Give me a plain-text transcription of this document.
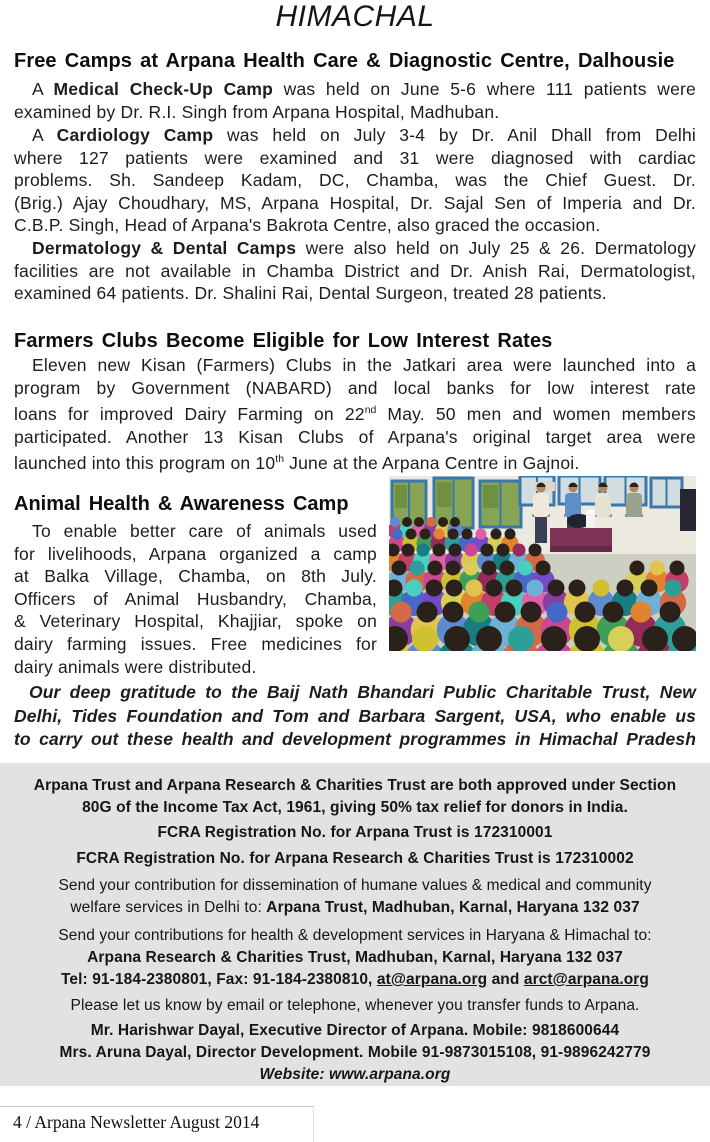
HIMACHAL
Free Camps at Arpana Health Care & Diagnostic Centre, Dalhousie
A Medical Check-Up Camp was held on June 5-6 where 111 patients were
examined by Dr. R.I. Singh from Arpana Hospital, Madhuban.
A Cardiology Camp was held on July 3-4 by Dr. Anil Dhall from Delhi
where 127 patients were examined and 31 were diagnosed with cardiac
problems. Sh. Sandeep Kadam, DC, Chamba, was the Chief Guest. Dr.
(Brig.) Ajay Choudhary, MS, Arpana Hospital, Dr. Sajal Sen of Imperia and Dr.
C.B.P. Singh, Head of Arpana's Bakrota Centre, also graced the occasion.
Dermatology & Dental Camps were also held on July 25 & 26. Dermatology
facilities are not available in Chamba District and Dr. Anish Rai, Dermatologist,
examined 64 patients. Dr. Shalini Rai, Dental Surgeon, treated 28 patients.
Farmers Clubs Become Eligible for Low Interest Rates
Eleven new Kisan (Farmers) Clubs in the Jatkari area were launched into a
program by Government (NABARD) and local banks for low interest rate
loans for improved Dairy Farming on 22nd May. 50 men and women members
participated. Another 13 Kisan Clubs of Arpana's original target area were
launched into this program on 10th June at the Arpana Centre in Gajnoi.
Animal Health & Awareness Camp
To enable better care of animals used
for livelihoods, Arpana organized a camp
at Balka Village, Chamba, on 8th July.
Officers of Animal Husbandry, Chamba,
& Veterinary Hospital, Khajjiar, spoke on
dairy farming issues. Free medicines for
dairy animals were distributed.
Our deep gratitude to the Baij Nath Bhandari Public Charitable Trust, New
Delhi, Tides Foundation and Tom and Barbara Sargent, USA, who enable us
to carry out these health and development programmes in Himachal Pradesh
Arpana Trust and Arpana Research & Charities Trust are both approved under Section
80G of the Income Tax Act, 1961, giving 50% tax relief for donors in India.
FCRA Registration No. for Arpana Trust is 172310001
FCRA Registration No. for Arpana Research & Charities Trust is 172310002
Send your contribution for dissemination of humane values & medical and community
welfare services in Delhi to: Arpana Trust, Madhuban, Karnal, Haryana 132 037
Send your contributions for health & development services in Haryana & Himachal to:
Arpana Research & Charities Trust, Madhuban, Karnal, Haryana 132 037
Tel: 91-184-2380801, Fax: 91-184-2380810, at@arpana.org and arct@arpana.org
Please let us know by email or telephone, whenever you transfer funds to Arpana.
Mr. Harishwar Dayal, Executive Director of Arpana. Mobile: 9818600644
Mrs. Aruna Dayal, Director Development. Mobile 91-9873015108, 91-9896242779
Website: www.arpana.org
4 / Arpana Newsletter August 2014
